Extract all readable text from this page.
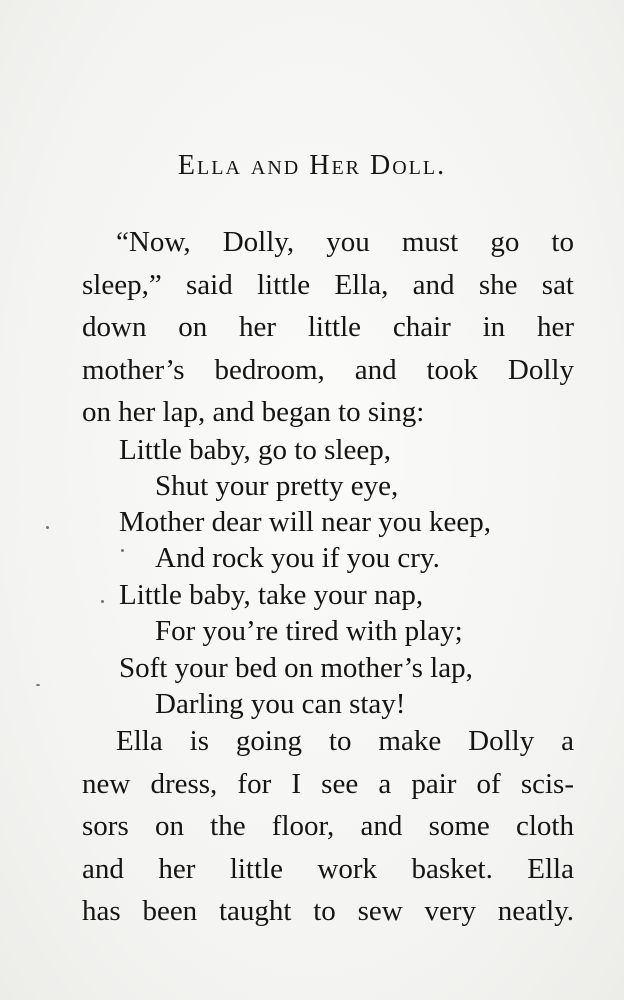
Ella and Her Doll.

“Now, Dolly, you must go to

sleep,” said little Ella, and she sat

down on her little chair in her

mother’s bedroom, and took Dolly

on her lap, and began to sing:

Little baby, go to sleep,

Shut your pretty eye,

Mother dear will near you keep,

And rock you if you cry.

Little baby, take your nap,

For you’re tired with play;

Soft your bed on mother’s lap,

Darling you can stay!

Ella is going to make Dolly a

new dress, for I see a pair of scis-

sors on the floor, and some cloth

and her little work basket. Ella

has been taught to sew very neatly.
